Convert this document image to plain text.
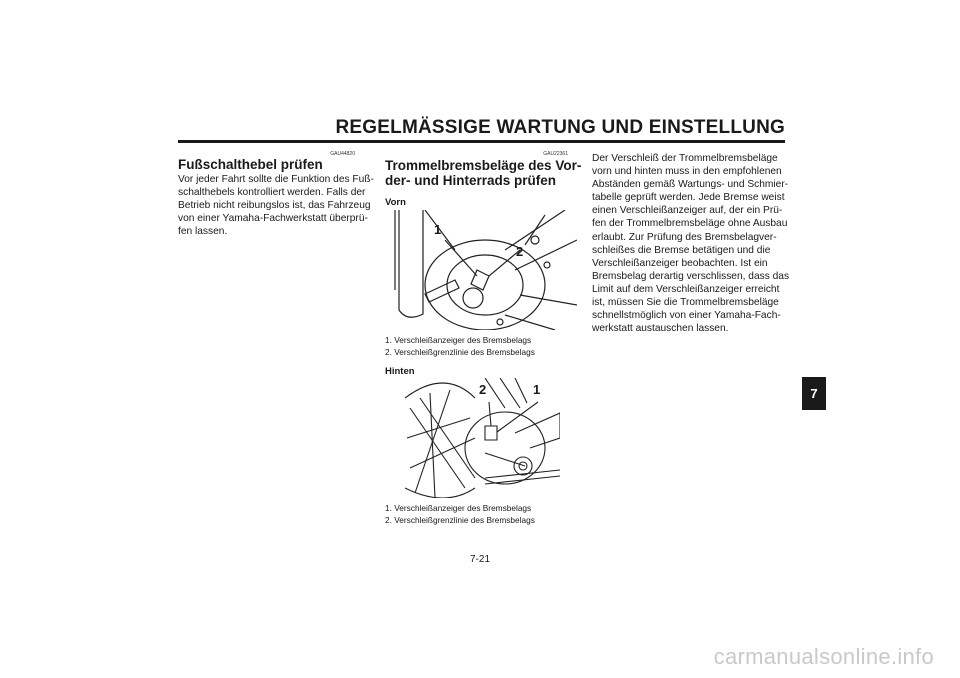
REGELMÄSSIGE WARTUNG UND EINSTELLUNG
GAU44820
Fußschalthebel prüfen
Vor jeder Fahrt sollte die Funktion des Fuß-
schalthebels kontrolliert werden. Falls der
Betrieb nicht reibungslos ist, das Fahrzeug
von einer Yamaha-Fachwerkstatt überprü-
fen lassen.
GAU22361
Trommelbremsbeläge des Vor-
der- und Hinterrads prüfen
Vorn
1
2
1. Verschleißanzeiger des Bremsbelags
2. Verschleißgrenzlinie des Bremsbelags
Hinten
2	1
1. Verschleißanzeiger des Bremsbelags
2. Verschleißgrenzlinie des Bremsbelags
Der Verschleiß der Trommelbremsbeläge
vorn und hinten muss in den empfohlenen
Abständen gemäß Wartungs- und Schmier-
tabelle geprüft werden. Jede Bremse weist
einen Verschleißanzeiger auf, der ein Prü-
fen der Trommelbremsbeläge ohne Ausbau
erlaubt. Zur Prüfung des Bremsbelagver-
schleißes die Bremse betätigen und die
Verschleißanzeiger beobachten. Ist ein
Bremsbelag derartig verschlissen, dass das
Limit auf dem Verschleißanzeiger erreicht
ist, müssen Sie die Trommelbremsbeläge
schnellstmöglich von einer Yamaha-Fach-
werkstatt austauschen lassen.
7
7-21
carmanualsonline.info
